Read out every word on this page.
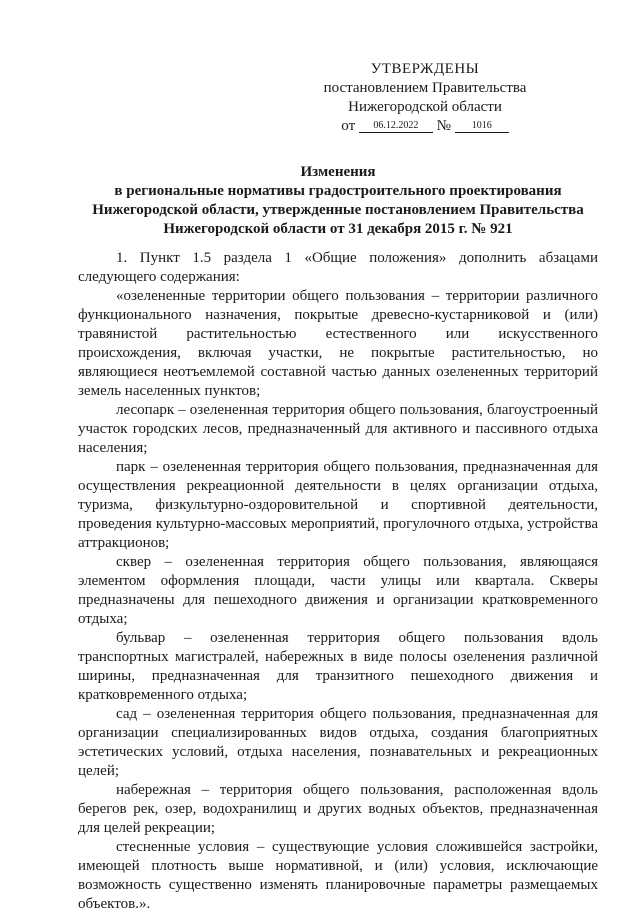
УТВЕРЖДЕНЫ
постановлением Правительства
Нижегородской области
от 06.12.2022 № 1016
Изменения
в региональные нормативы градостроительного проектирования
Нижегородской области, утвержденные постановлением Правительства
Нижегородской области от 31 декабря 2015 г. № 921

1. Пункт 1.5 раздела 1 «Общие положения» дополнить абзацами следующего содержания:

«озелененные территории общего пользования – территории различного функционального назначения, покрытые древесно-кустарниковой и (или) травянистой растительностью естественного или искусственного происхождения, включая участки, не покрытые растительностью, но являющиеся неотъемлемой составной частью данных озелененных территорий земель населенных пунктов;

лесопарк – озелененная территория общего пользования, благоустроенный участок городских лесов, предназначенный для активного и пассивного отдыха населения;

парк – озелененная территория общего пользования, предназначенная для осуществления рекреационной деятельности в целях организации отдыха, туризма, физкультурно-оздоровительной и спортивной деятельности, проведения культурно-массовых мероприятий, прогулочного отдыха, устройства аттракционов;

сквер – озелененная территория общего пользования, являющаяся элементом оформления площади, части улицы или квартала. Скверы предназначены для пешеходного движения и организации кратковременного отдыха;

бульвар – озелененная территория общего пользования вдоль транспортных магистралей, набережных в виде полосы озеленения различной ширины, предназначенная для транзитного пешеходного движения и кратковременного отдыха;

сад – озелененная территория общего пользования, предназначенная для организации специализированных видов отдыха, создания благоприятных эстетических условий, отдыха населения, познавательных и рекреационных целей;

набережная – территория общего пользования, расположенная вдоль берегов рек, озер, водохранилищ и других водных объектов, предназначенная для целей рекреации;

стесненные условия – существующие условия сложившейся застройки, имеющей плотность выше нормативной, и (или) условия, исключающие возможность существенно изменять планировочные параметры размещаемых объектов.».
